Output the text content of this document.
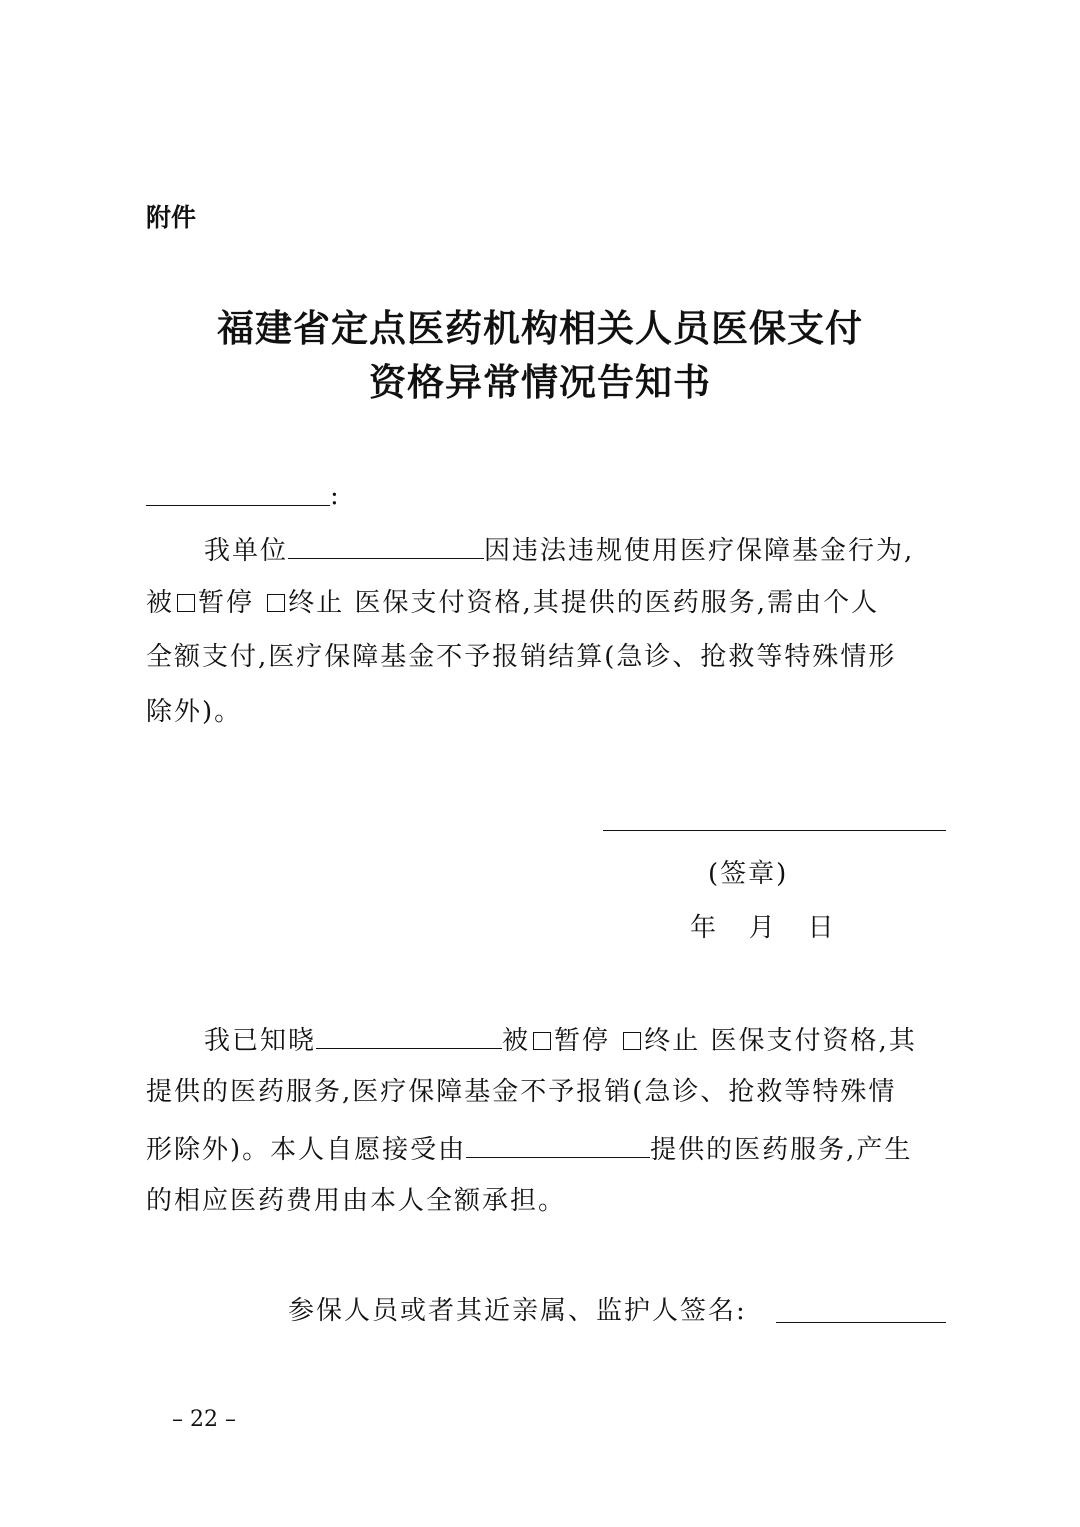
附件
福建省定点医药机构相关人员医保支付
资格异常情况告知书
:
我单位	因违法违规使用医疗保障基金行为,
被 暂停 终止 医保支付资格,其提供的医药服务,需由个人
全额支付,医疗保障基金不予报销结算(急诊、抢救等特殊情形
除外)。
(签章)
年   月   日
我已知晓	被 暂停 终止 医保支付资格,其
提供的医药服务,医疗保障基金不予报销(急诊、抢救等特殊情
形除外)。本人自愿接受由	提供的医药服务,产生
的相应医药费用由本人全额承担。
参保人员或者其近亲属、监护人签名:
– 22 –
